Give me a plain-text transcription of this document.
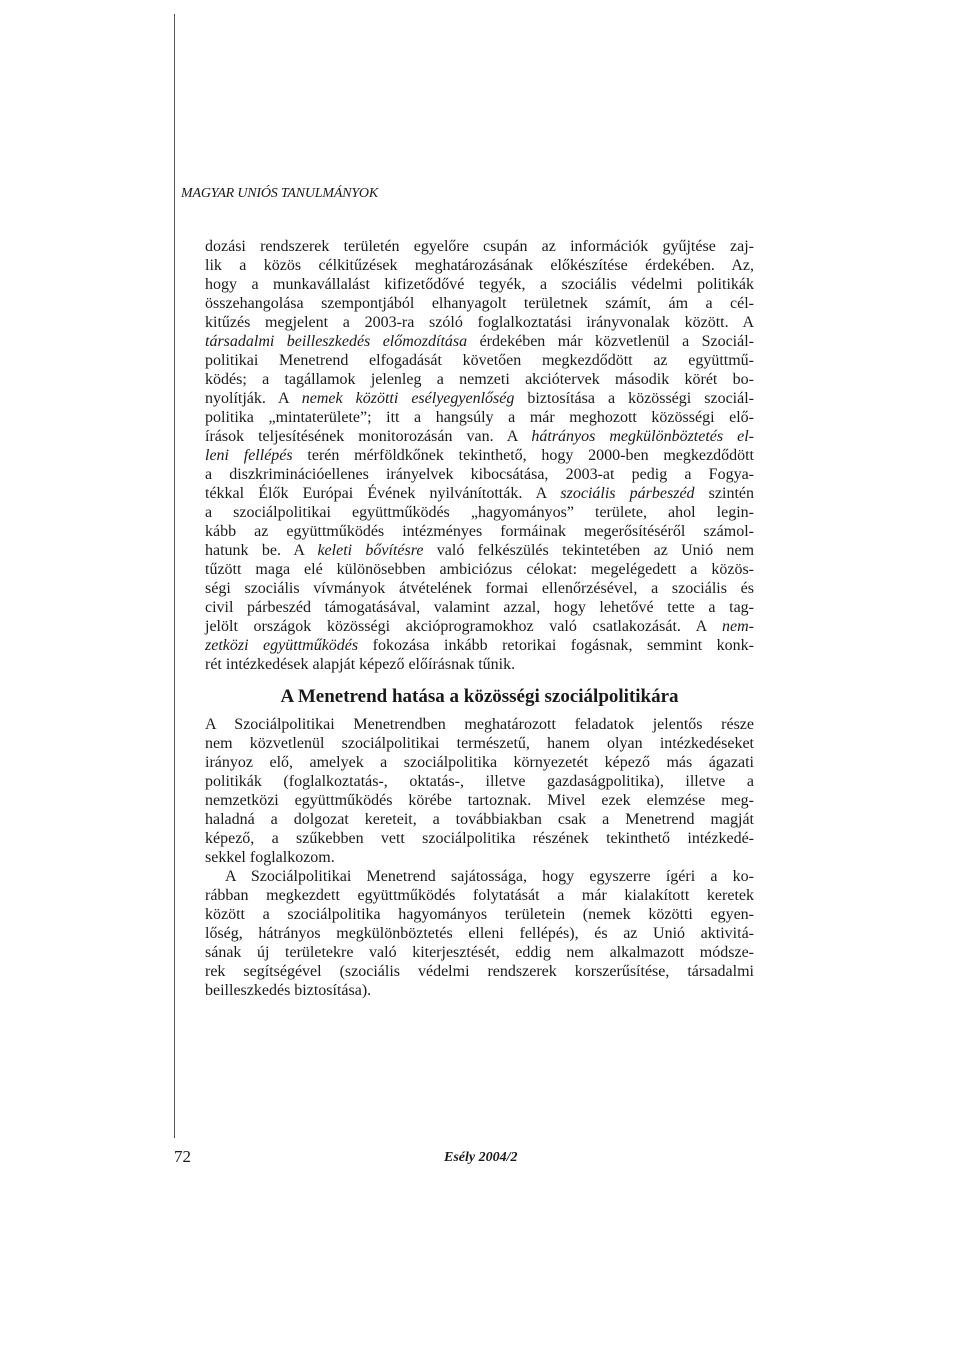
MAGYAR UNIÓS TANULMÁNYOK
dozási rendszerek területén egyelőre csupán az információk gyűjtése zaj-
lik a közös célkitűzések meghatározásának előkészítése érdekében. Az,
hogy a munkavállalást kifizetődővé tegyék, a szociális védelmi politikák
összehangolása szempontjából elhanyagolt területnek számít, ám a cél-
kitűzés megjelent a 2003-ra szóló foglalkoztatási irányvonalak között. A
társadalmi beilleszkedés előmozdítása érdekében már közvetlenül a Szociál-
politikai Menetrend elfogadását követően megkezdődött az együttmű-
ködés; a tagállamok jelenleg a nemzeti akciótervek második körét bo-
nyolítják. A nemek közötti esélyegyenlőség biztosítása a közösségi szociál-
politika „mintaterülete”; itt a hangsúly a már meghozott közösségi elő-
írások teljesítésének monitorozásán van. A hátrányos megkülönböztetés el-
leni fellépés terén mérföldkőnek tekinthető, hogy 2000-ben megkezdődött
a diszkriminációellenes irányelvek kibocsátása, 2003-at pedig a Fogya-
tékkal Élők Európai Évének nyilvánították. A szociális párbeszéd szintén
a szociálpolitikai együttműködés „hagyományos” területe, ahol legin-
kább az együttműködés intézményes formáinak megerősítéséről számol-
hatunk be. A keleti bővítésre való felkészülés tekintetében az Unió nem
tűzött maga elé különösebben ambiciózus célokat: megelégedett a közös-
ségi szociális vívmányok átvételének formai ellenőrzésével, a szociális és
civil párbeszéd támogatásával, valamint azzal, hogy lehetővé tette a tag-
jelölt országok közösségi akcióprogramokhoz való csatlakozását. A nem-
zetközi együttműködés fokozása inkább retorikai fogásnak, semmint konk-
rét intézkedések alapját képező előírásnak tűnik.
A Menetrend hatása a közösségi szociálpolitikára
A Szociálpolitikai Menetrendben meghatározott feladatok jelentős része
nem közvetlenül szociálpolitikai természetű, hanem olyan intézkedéseket
irányoz elő, amelyek a szociálpolitika környezetét képező más ágazati
politikák (foglalkoztatás-, oktatás-, illetve gazdaságpolitika), illetve a
nemzetközi együttműködés körébe tartoznak. Mivel ezek elemzése meg-
haladná a dolgozat kereteit, a továbbiakban csak a Menetrend magját
képező, a szűkebben vett szociálpolitika részének tekinthető intézkedé-
sekkel foglalkozom.
A Szociálpolitikai Menetrend sajátossága, hogy egyszerre ígéri a ko-
rábban megkezdett együttműködés folytatását a már kialakított keretek
között a szociálpolitika hagyományos területein (nemek közötti egyen-
lőség, hátrányos megkülönböztetés elleni fellépés), és az Unió aktivitá-
sának új területekre való kiterjesztését, eddig nem alkalmazott módsze-
rek segítségével (szociális védelmi rendszerek korszerűsítése, társadalmi
beilleszkedés biztosítása).
72	Esély 2004/2
